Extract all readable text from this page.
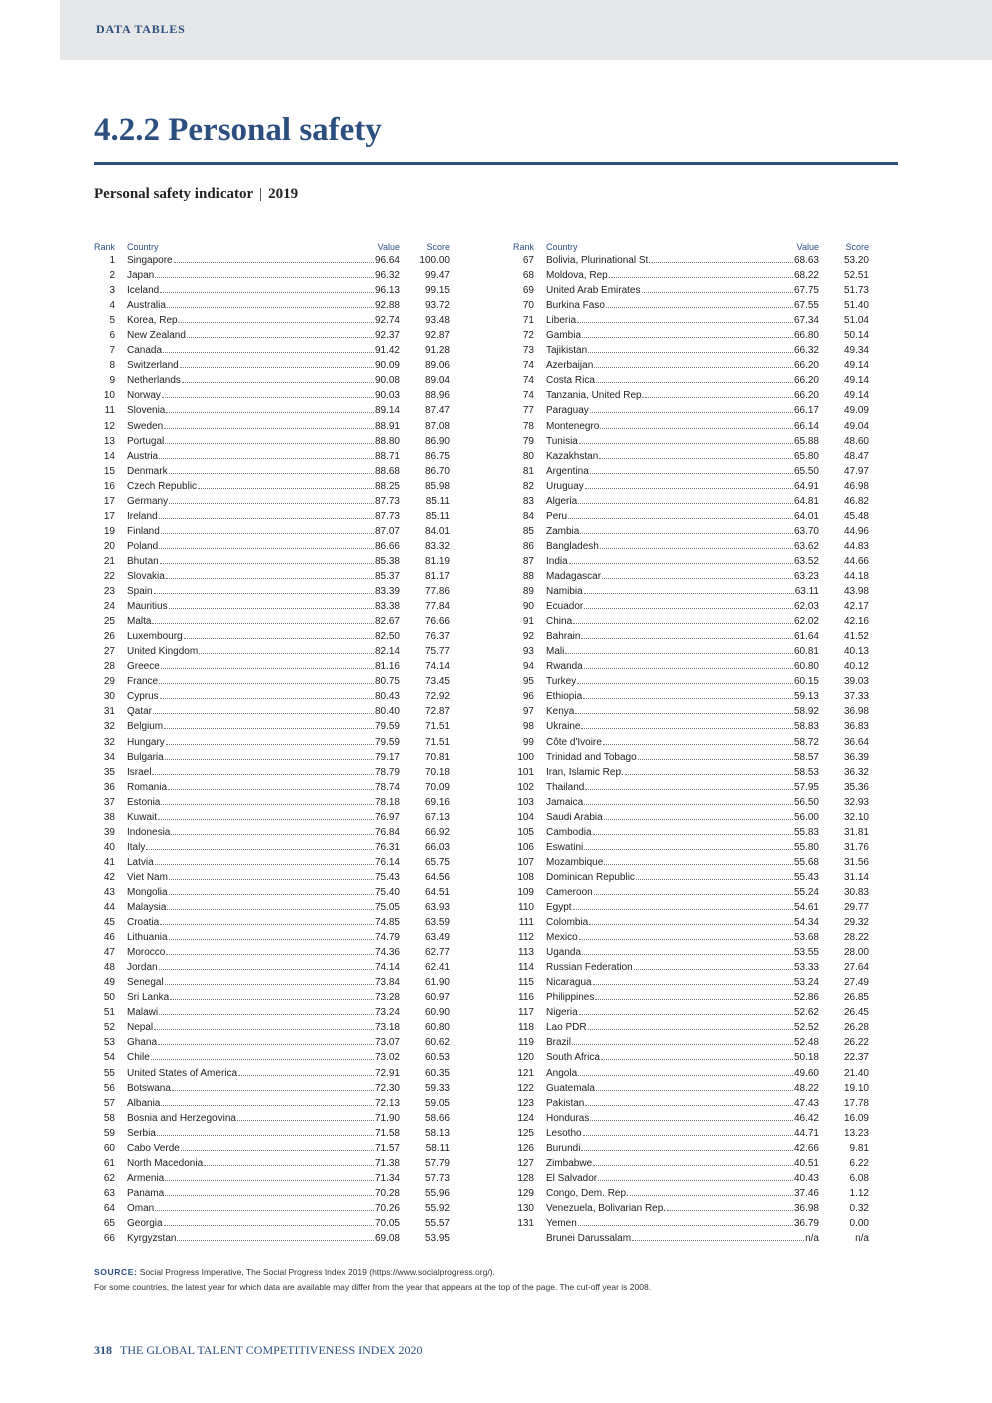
DATA TABLES
4.2.2 Personal safety
Personal safety indicator | 2019
Rank Country	Value	Score
1 Singapore	96.64	100.00
2 Japan	96.32	99.47
3 Iceland	96.13	99.15
4 Australia	92.88	93.72
5 Korea, Rep.	92.74	93.48
6 New Zealand	92.37	92.87
7 Canada	91.42	91.28
8 Switzerland	90.09	89.06
9 Netherlands	90.08	89.04
10 Norway	90.03	88.96
11 Slovenia	89.14	87.47
12 Sweden	88.91	87.08
13 Portugal	88.80	86.90
14 Austria	88.71	86.75
15 Denmark	88.68	86.70
16 Czech Republic	88.25	85.98
17 Germany	87.73	85.11
17 Ireland	87.73	85.11
19 Finland	87.07	84.01
20 Poland	86.66	83.32
21 Bhutan	85.38	81.19
22 Slovakia	85.37	81.17
23 Spain	83.39	77.86
24 Mauritius	83.38	77.84
25 Malta	82.67	76.66
26 Luxembourg	82.50	76.37
27 United Kingdom	82.14	75.77
28 Greece	81.16	74.14
29 France	80.75	73.45
30 Cyprus	80.43	72.92
31 Qatar	80.40	72.87
32 Belgium	79.59	71.51
32 Hungary	79.59	71.51
34 Bulgaria	79.17	70.81
35 Israel	78.79	70.18
36 Romania	78.74	70.09
37 Estonia	78.18	69.16
38 Kuwait	76.97	67.13
39 Indonesia	76.84	66.92
40 Italy	76.31	66.03
41 Latvia	76.14	65.75
42 Viet Nam	75.43	64.56
43 Mongolia	75.40	64.51
44 Malaysia	75.05	63.93
45 Croatia	74.85	63.59
46 Lithuania	74.79	63.49
47 Morocco	74.36	62.77
48 Jordan	74.14	62.41
49 Senegal	73.84	61.90
50 Sri Lanka	73.28	60.97
51 Malawi	73.24	60.90
52 Nepal	73.18	60.80
53 Ghana	73.07	60.62
54 Chile	73.02	60.53
55 United States of America	72.91	60.35
56 Botswana	72.30	59.33
57 Albania	72.13	59.05
58 Bosnia and Herzegovina	71.90	58.66
59 Serbia	71.58	58.13
60 Cabo Verde	71.57	58.11
61 North Macedonia	71.38	57.79
62 Armenia	71.34	57.73
63 Panama	70.28	55.96
64 Oman	70.26	55.92
65 Georgia	70.05	55.57
66 Kyrgyzstan	69.08	53.95
Rank Country	Value	Score
67 Bolivia, Plurinational St.	68.63	53.20
68 Moldova, Rep.	68.22	52.51
69 United Arab Emirates	67.75	51.73
70 Burkina Faso	67.55	51.40
71 Liberia	67.34	51.04
72 Gambia	66.80	50.14
73 Tajikistan	66.32	49.34
74 Azerbaijan	66.20	49.14
74 Costa Rica	66.20	49.14
74 Tanzania, United Rep.	66.20	49.14
77 Paraguay	66.17	49.09
78 Montenegro	66.14	49.04
79 Tunisia	65.88	48.60
80 Kazakhstan	65.80	48.47
81 Argentina	65.50	47.97
82 Uruguay	64.91	46.98
83 Algeria	64.81	46.82
84 Peru	64.01	45.48
85 Zambia	63.70	44.96
86 Bangladesh	63.62	44.83
87 India	63.52	44.66
88 Madagascar	63.23	44.18
89 Namibia	63.11	43.98
90 Ecuador	62.03	42.17
91 China	62.02	42.16
92 Bahrain	61.64	41.52
93 Mali	60.81	40.13
94 Rwanda	60.80	40.12
95 Turkey	60.15	39.03
96 Ethiopia	59.13	37.33
97 Kenya	58.92	36.98
98 Ukraine	58.83	36.83
99 Côte d'Ivoire	58.72	36.64
100 Trinidad and Tobago	58.57	36.39
101 Iran, Islamic Rep.	58.53	36.32
102 Thailand	57.95	35.36
103 Jamaica	56.50	32.93
104 Saudi Arabia	56.00	32.10
105 Cambodia	55.83	31.81
106 Eswatini	55.80	31.76
107 Mozambique	55.68	31.56
108 Dominican Republic	55.43	31.14
109 Cameroon	55.24	30.83
110 Egypt	54.61	29.77
111 Colombia	54.34	29.32
112 Mexico	53.68	28.22
113 Uganda	53.55	28.00
114 Russian Federation	53.33	27.64
115 Nicaragua	53.24	27.49
116 Philippines	52.86	26.85
117 Nigeria	52.62	26.45
118 Lao PDR	52.52	26.28
119 Brazil	52.48	26.22
120 South Africa	50.18	22.37
121 Angola	49.60	21.40
122 Guatemala	48.22	19.10
123 Pakistan	47.43	17.78
124 Honduras	46.42	16.09
125 Lesotho	44.71	13.23
126 Burundi	42.66	9.81
127 Zimbabwe	40.51	6.22
128 El Salvador	40.43	6.08
129 Congo, Dem. Rep.	37.46	1.12
130 Venezuela, Bolivarian Rep.	36.98	0.32
131 Yemen	36.79	0.00
Brunei Darussalam	n/a	n/a
SOURCE: Social Progress Imperative, The Social Progress Index 2019 (https://www.socialprogress.org/).
For some countries, the latest year for which data are available may differ from the year that appears at the top of the page. The cut-off year is 2008.
318 THE GLOBAL TALENT COMPETITIVENESS INDEX 2020
